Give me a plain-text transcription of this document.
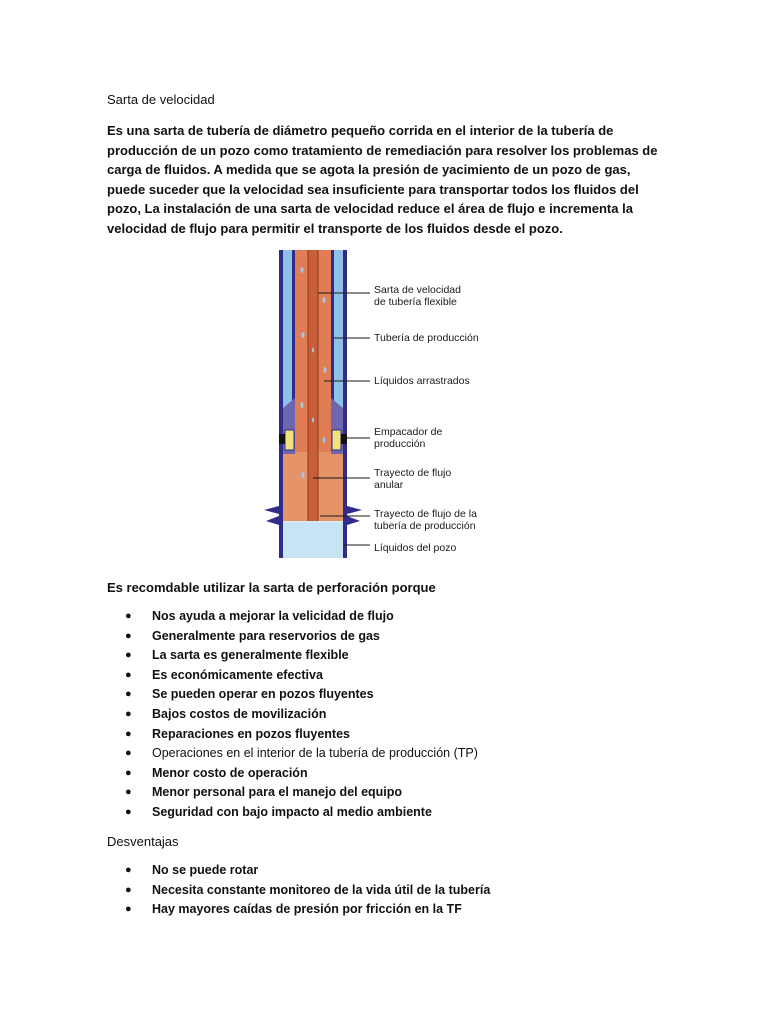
Sarta de velocidad
Es una sarta de tubería de diámetro pequeño corrida en el interior de la tubería de producción de un pozo como tratamiento de remediación para resolver los problemas de carga de fluidos. A medida que se agota la presión de yacimiento de un pozo de gas, puede suceder que la velocidad sea insuficiente para transportar todos los fluidos del pozo, La instalación de una sarta de velocidad reduce el área de flujo e incrementa la velocidad de flujo para permitir el transporte de los fluidos desde el pozo.
Sarta de velocidad
de tubería flexible
Tubería de producción
Líquidos arrastrados
Empacador de
producción
Trayecto de flujo
anular
Trayecto de flujo de la
tubería de producción
Líquidos del pozo
Es recomdable utilizar la sarta de perforación porque
● Nos ayuda a mejorar la velicidad de flujo
● Generalmente para reservorios de gas
● La sarta es generalmente flexible
● Es económicamente efectiva
● Se pueden operar en pozos fluyentes
● Bajos costos de movilización
● Reparaciones en pozos fluyentes
● Operaciones en el interior de la tubería de producción (TP)
● Menor costo de operación
● Menor personal para el manejo del equipo
● Seguridad con bajo impacto al medio ambiente
Desventajas
● No se puede rotar
● Necesita constante monitoreo de la vida útil de la tubería
● Hay mayores caídas de presión por fricción en la TF
